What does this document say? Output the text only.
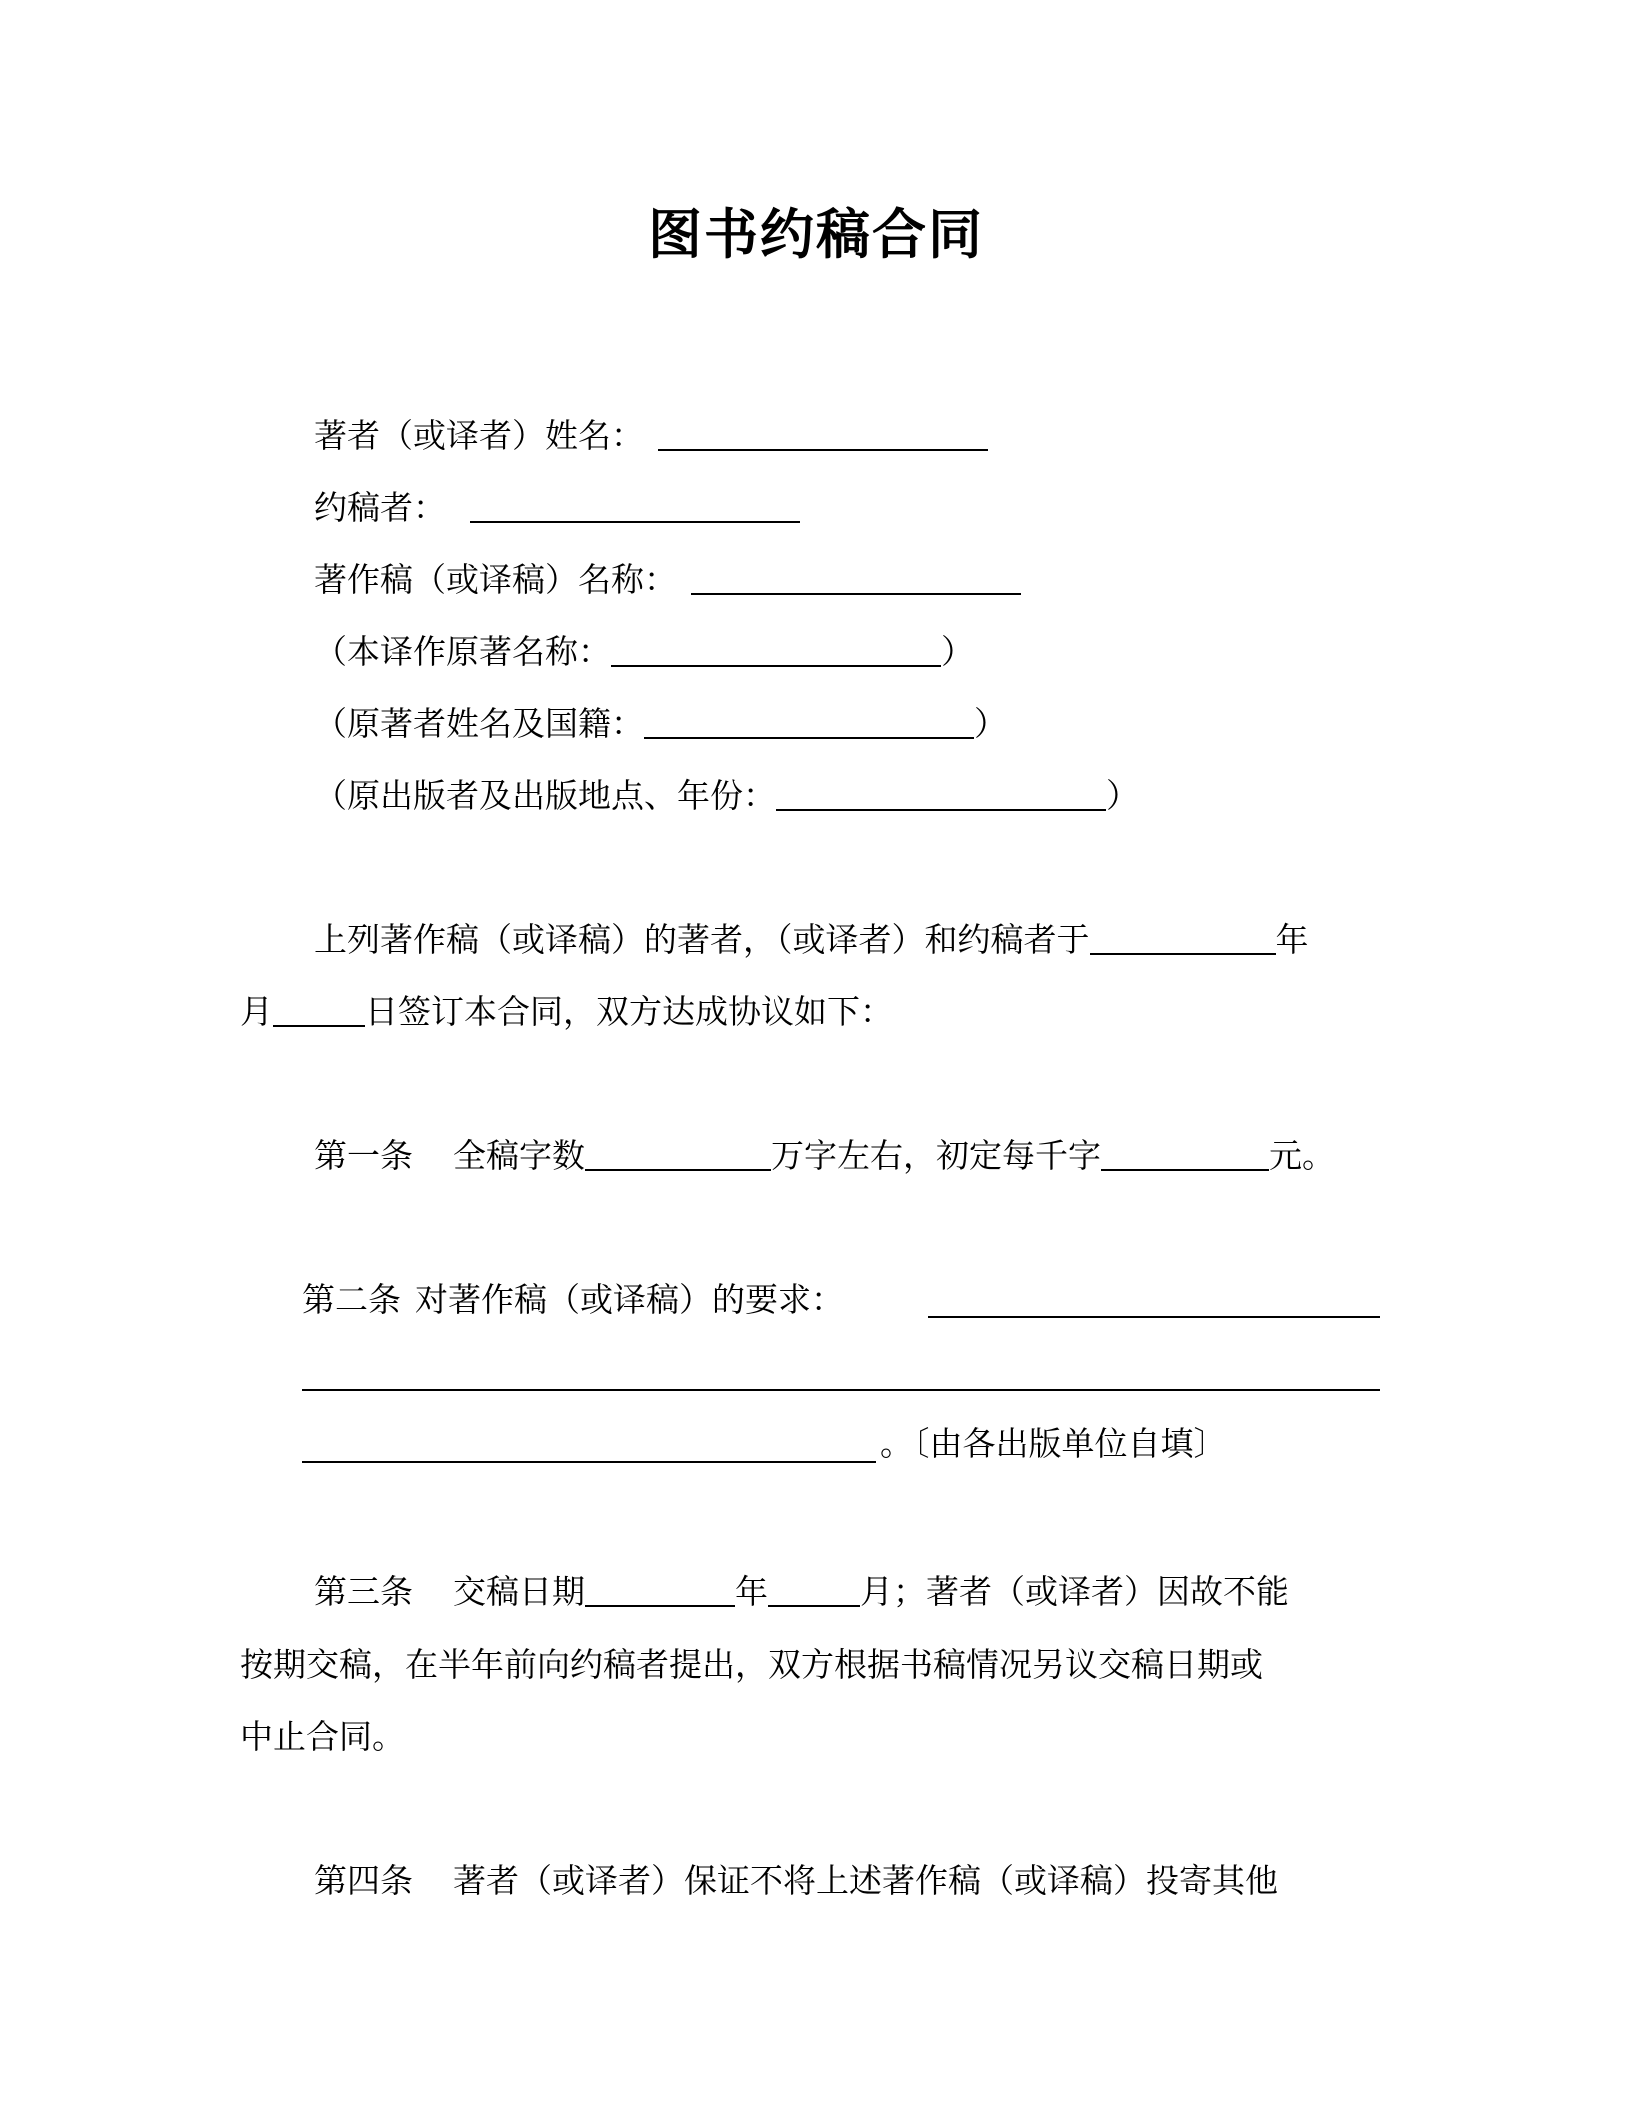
图书约稿合同
著者（或译者）姓名：
约稿者：
著作稿（或译稿）名称：
（本译作原著名称：	）
（原著者姓名及国籍：	）
（原出版者及出版地点、年份：	）
上列著作稿（或译稿）的著者，（或译者）和约稿者于	年
月	日签订本合同，双方达成协议如下：
第一条 全稿字数	万字左右，初定每千字	元。
第二条 对著作稿（或译稿）的要求：
。〔由各出版单位自填〕
第三条 交稿日期	年	月；著者（或译者）因故不能
按期交稿，在半年前向约稿者提出，双方根据书稿情况另议交稿日期或
中止合同。
第四条 著者（或译者）保证不将上述著作稿（或译稿）投寄其他
